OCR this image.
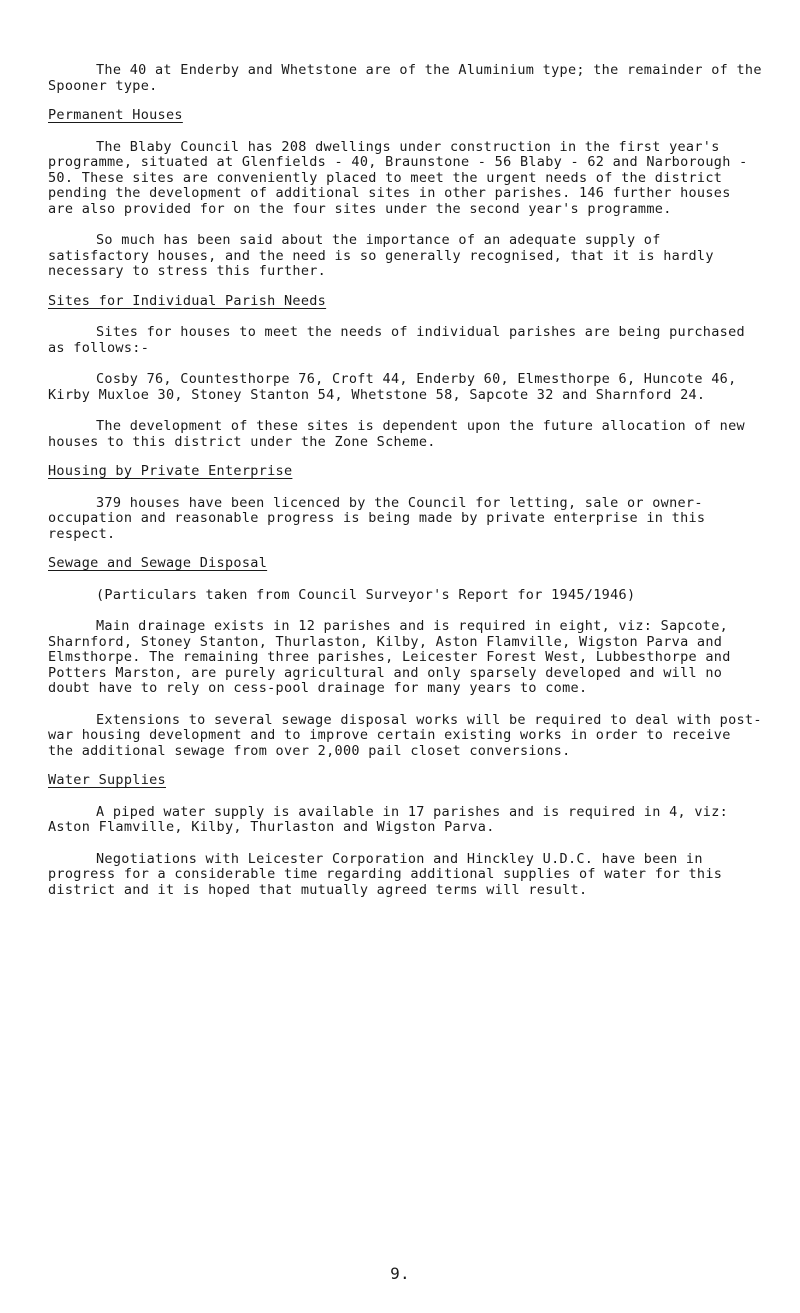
The 40 at Enderby and Whetstone are of the Aluminium type; the remainder of the Spooner type.

Permanent Houses

The Blaby Council has 208 dwellings under construction in the first year's programme, situated at Glenfields - 40, Braunstone - 56 Blaby - 62 and Narborough - 50. These sites are conveniently placed to meet the urgent needs of the district pending the development of additional sites in other parishes. 146 further houses are also provided for on the four sites under the second year's programme.

So much has been said about the importance of an adequate supply of satisfactory houses, and the need is so generally recognised, that it is hardly necessary to stress this further.

Sites for Individual Parish Needs

Sites for houses to meet the needs of individual parishes are being purchased as follows:-

Cosby 76, Countesthorpe 76, Croft 44, Enderby 60, Elmesthorpe 6, Huncote 46, Kirby Muxloe 30, Stoney Stanton 54, Whetstone 58, Sapcote 32 and Sharnford 24.

The development of these sites is dependent upon the future allocation of new houses to this district under the Zone Scheme.

Housing by Private Enterprise

379 houses have been licenced by the Council for letting, sale or owner-occupation and reasonable progress is being made by private enterprise in this respect.

Sewage and Sewage Disposal

(Particulars taken from Council Surveyor's Report for 1945/1946)

Main drainage exists in 12 parishes and is required in eight, viz: Sapcote, Sharnford, Stoney Stanton, Thurlaston, Kilby, Aston Flamville, Wigston Parva and Elmsthorpe. The remaining three parishes, Leicester Forest West, Lubbesthorpe and Potters Marston, are purely agricultural and only sparsely developed and will no doubt have to rely on cess-pool drainage for many years to come.

Extensions to several sewage disposal works will be required to deal with post-war housing development and to improve certain existing works in order to receive the additional sewage from over 2,000 pail closet conversions.

Water Supplies

A piped water supply is available in 17 parishes and is required in 4, viz: Aston Flamville, Kilby, Thurlaston and Wigston Parva.

Negotiations with Leicester Corporation and Hinckley U.D.C. have been in progress for a considerable time regarding additional supplies of water for this district and it is hoped that mutually agreed terms will result.

9.
